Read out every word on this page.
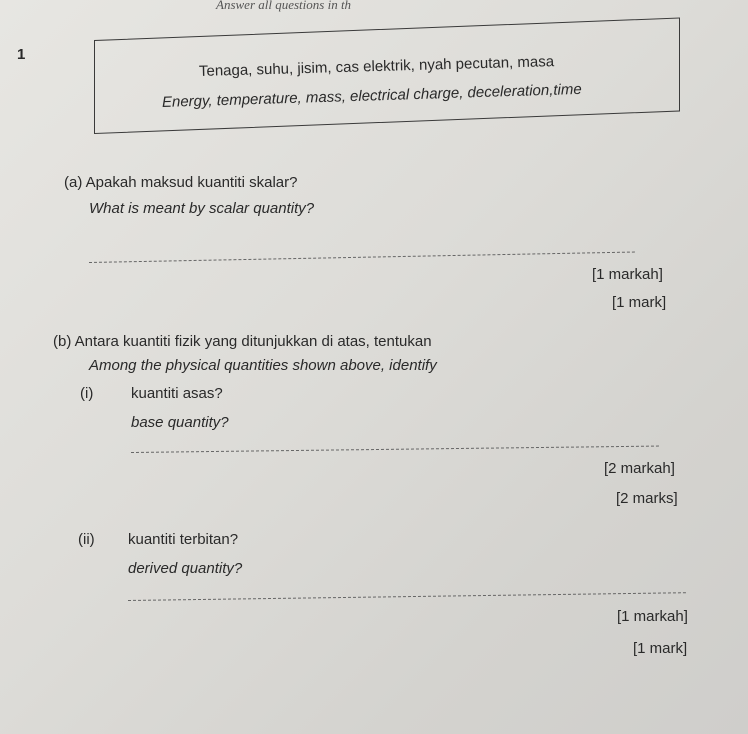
Answer all questions in th
1	Tenaga, suhu, jisim, cas elektrik, nyah pecutan, masa
Energy, temperature, mass, electrical charge, deceleration,time
(a) Apakah maksud kuantiti skalar?
What is meant by scalar quantity?
[1 markah]
[1 mark]
(b) Antara kuantiti fizik yang ditunjukkan di atas, tentukan
Among the physical quantities shown above, identify
(i)	kuantiti asas?
base quantity?
[2 markah]
[2 marks]
(ii) kuantiti terbitan?
derived quantity?
[1 markah]
[1 mark]
